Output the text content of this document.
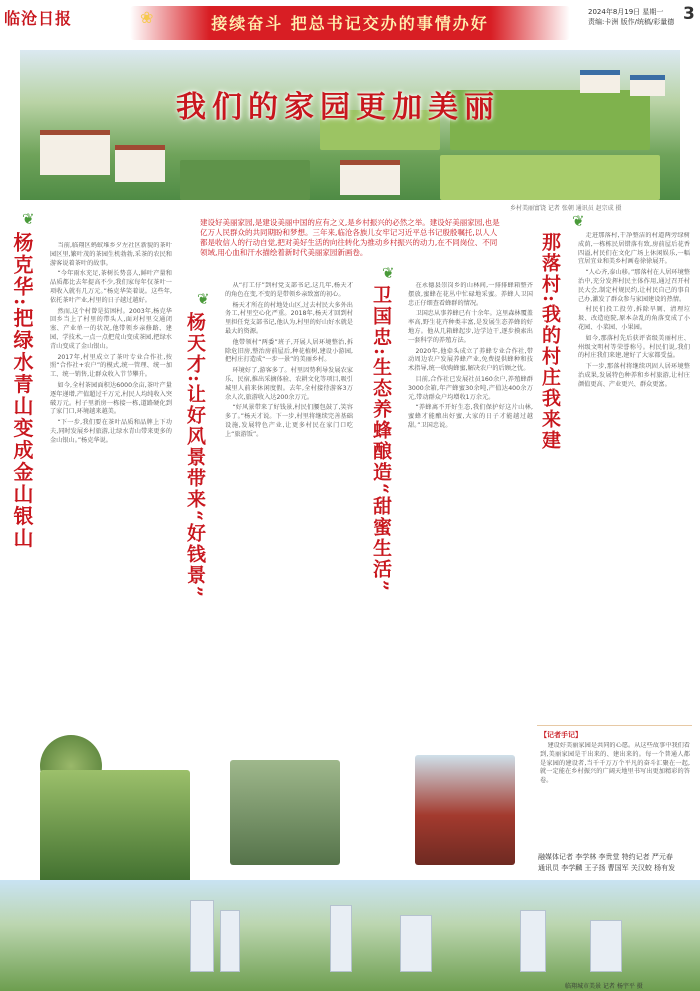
临沧日报	❀	接续奋斗 把总书记交办的事情办好
2024年8月19日 星期一
责编:卡洲 版作/统稿/彩量德 3
我们的家园更加美丽
乡村美丽富饶 记者 张朝 通讯员 赵宗成 摄
建设好美丽家园,是建设美丽中国的应有之义,是乡村振兴的必然之举。建设好美丽家园,也是亿万人民群众的共同期盼和梦想。三年来,临沧各族儿女牢记习近平总书记殷殷嘱托,以人人都是收信人的行动自觉,把对美好生活的向往转化为推动乡村振兴的动力,在不同岗位、不同领域,用心血和汗水描绘着新时代美丽家园新画卷。
❦
杨克华:把绿水青山变成金山银山	当前,临翔区蚂蚁堆乡夕左社区新貌的茶叶园区里,繁叶茂的茶园生机勃勃,采茶的农民和游客说着茶叶的故事。

“今年雨水充足,茶树长势喜人,鲜叶产量和品质都比去年提高不少,我们家每年仅茶叶一项收入就有几万元。”杨克华笑着说。这些年,依托茶叶产业,村里的日子越过越好。

然而,这个村曾是贫困村。2003年,杨克华回乡当上了村里的带头人,面对村里交通闭塞、产业单一的状况,他带领乡亲修路、建园、学技术,一点一点把荒山变成茶园,把绿水青山变成了金山银山。

2017年,村里成立了茶叶专业合作社,按照“合作社+农户”的模式,统一管理、统一加工、统一销售,让群众收入节节攀升。

如今,全村茶园面积达6000余亩,茶叶产量逐年递增,产值超过千万元,村民人均纯收入突破万元。村子里新房一栋接一栋,道路硬化到了家门口,环境越来越美。

“下一步,我们要在茶叶品质和品牌上下功夫,同时发展乡村旅游,让绿水青山带来更多的金山银山。”杨克华说。

❦
杨天才:让好风景带来“好钱景”

从“打工仔”到村党支部书记,这几年,杨天才的角色在变,不变的是带领乡亲致富的初心。

杨天才所在的村地处山区,过去村民大多外出务工,村里空心化严重。2018年,杨天才回到村里担任党支部书记,他认为,村里的好山好水就是最大的资源。

他带领村“两委”班子,开展人居环境整治,拆除危旧房,整治房前屋后,种花植树,建设小游园,把村庄打造成“一步一景”的美丽乡村。

环境好了,游客多了。村里因势利导发展农家乐、民宿,推出采摘体验、农耕文化等项目,吸引城里人前来休闲度假。去年,全村接待游客3万余人次,旅游收入达200余万元。

“好风景带来了好钱景,村民们腰包鼓了,笑容多了。”杨天才说。下一步,村里将继续完善基础设施,发展特色产业,让更多村民在家门口吃上“旅游饭”。

❦
卫国忠:生态养蜂酿造“甜蜜生活”	在永德县崇岗乡的山林间,一排排蜂箱整齐摆放,蜜蜂在花丛中忙碌地采蜜。养蜂人卫国忠正仔细查看蜂群的情况。

卫国忠从事养蜂已有十余年。这里森林覆盖率高,野生花卉种类丰富,是发展生态养蜂的好地方。他从几箱蜂起步,边学边干,逐步摸索出一套科学的养殖方法。

2020年,他牵头成立了养蜂专业合作社,带动周边农户发展养蜂产业,免费提供蜂种和技术指导,统一收购蜂蜜,解决农户的后顾之忧。

目前,合作社已发展社员160余户,养殖蜂群3000余箱,年产蜂蜜30余吨,产值达400余万元,带动群众户均增收1万余元。

“养蜂离不开好生态,我们保护好这片山林,蜜蜂才能酿出好蜜,大家的日子才能越过越甜。”卫国忠说。

❦
那落村:我的村庄我来建	走进那落村,干净整洁的村道两旁绿树成荫,一栋栋民居错落有致,房前屋后花香四溢,村民们在文化广场上休闲娱乐,一幅宜居宜业和美乡村画卷徐徐展开。

“人心齐,泰山移。”那落村在人居环境整治中,充分发挥村民主体作用,通过召开村民大会,制定村规民约,让村民自己的事自己办,激发了群众参与家园建设的热情。

村民们投工投劳,拆除旱厕、清理垃圾、改造庭院,原本杂乱的角落变成了小花园、小菜园、小果园。

如今,那落村先后获评省级美丽村庄、州级文明村等荣誉称号。村民们说,我们的村庄我们来建,建好了大家都受益。

下一步,那落村将继续巩固人居环境整治成果,发展特色种养和乡村旅游,让村庄颜值更高、产业更兴、群众更富。

【记者手记】

建设好美丽家园是共同的心愿。从这些故事中我们看到,美丽家园是干出来的、建出来的。每一个普通人都是家园的建设者,当千千万万个平凡的奋斗汇聚在一起,就一定能在乡村振兴的广阔天地里书写出更加精彩的答卷。

融媒体记者 李学林 李贵堂 特约记者 严元春
通讯员 李学麟 王子扬 曹国军 关汉蛟 杨有发
临翔城市美景 记者 杨宇平 摄
